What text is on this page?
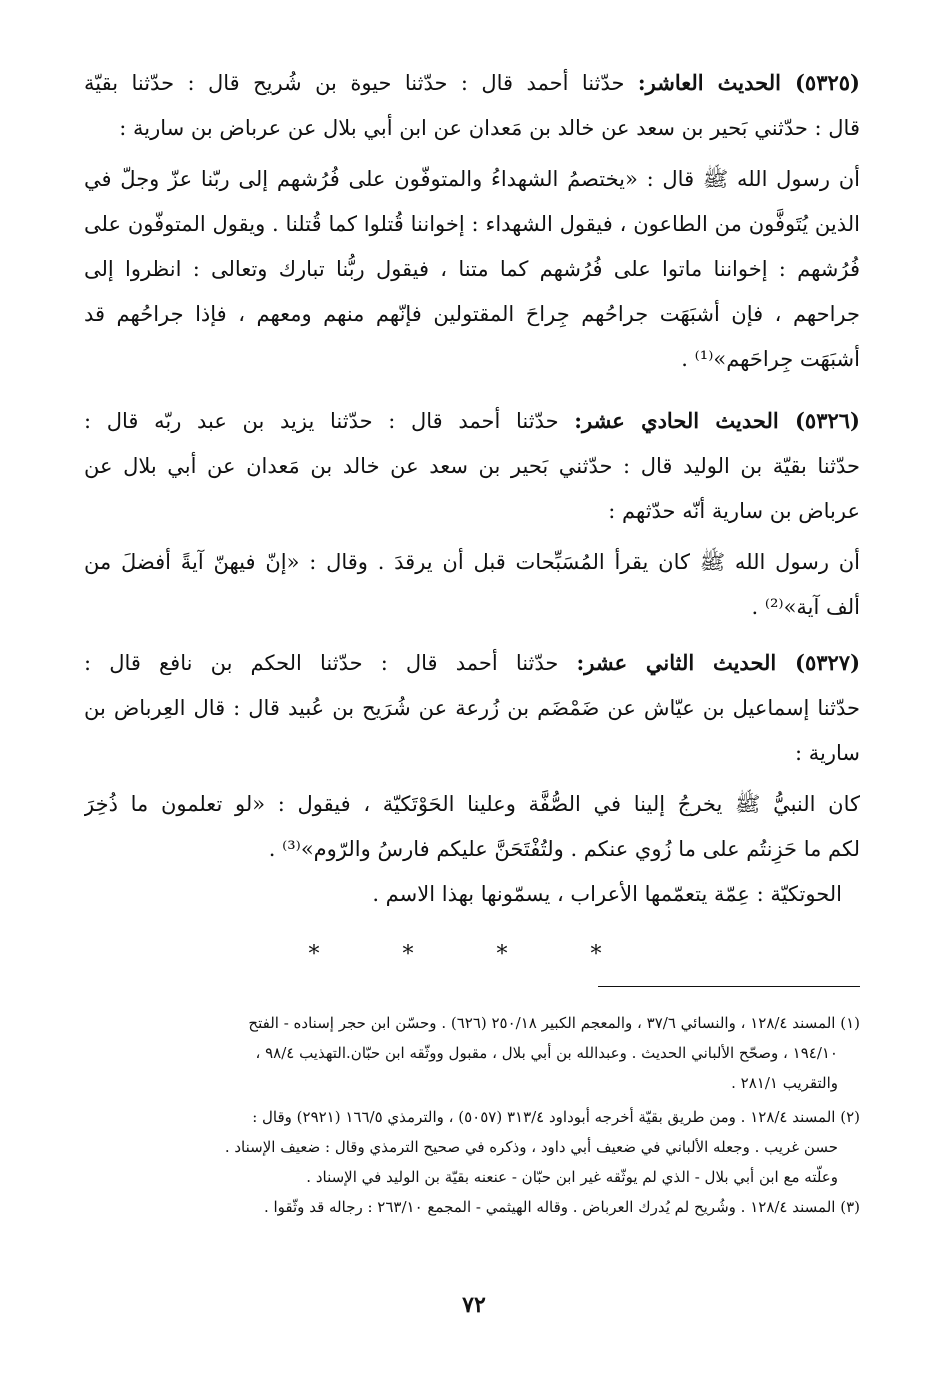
(٥٣٢٥) الحديث العاشر: حدّثنا أحمد قال : حدّثنا حيوة بن شُريح قال : حدّثنا بقيّة
قال : حدّثني بَحير بن سعد عن خالد بن مَعدان عن ابن أبي بلال عن عرباض بن سارية :
أن رسول الله ﷺ قال : «يختصمُ الشهداءُ والمتوفّون على فُرُشهم إلى ربّنا عزّ وجلّ في
الذين يُتَوفَّون من الطاعون ، فيقول الشهداء : إخواننا قُتلوا كما قُتلنا . ويقول المتوفّون على
فُرُشهم : إخواننا ماتوا على فُرُشهم كما متنا ، فيقول ربُّنا تبارك وتعالى : انظروا إلى
جراحهم ، فإن أشبَهَت جراحُهم جِراحَ المقتولين فإنّهم منهم ومعهم ، فإذا جراحُهم قد
أشبَهَت جِراحَهم»⁽¹⁾ .
(٥٣٢٦) الحديث الحادي عشر: حدّثنا أحمد قال : حدّثنا يزيد بن عبد ربّه قال :
حدّثنا بقيّة بن الوليد قال : حدّثني بَحير بن سعد عن خالد بن مَعدان عن أبي بلال عن
عرباض بن سارية أنّه حدّثهم :
أن رسول الله ﷺ كان يقرأ المُسَبِّحات قبل أن يرقدَ . وقال : «إنّ فيهنّ آيةً أفضلَ من
ألف آية»⁽²⁾ .
(٥٣٢٧) الحديث الثاني عشر: حدّثنا أحمد قال : حدّثنا الحكم بن نافع قال :
حدّثنا إسماعيل بن عيّاش عن ضَمْضَم بن زُرعة عن شُرَيح بن عُبيد قال : قال العِرباض بن
سارية :
كان النبيُّ ﷺ يخرجُ إلينا في الصُّفَّة وعلينا الحَوْتَكيّة ، فيقول : «لو تعلمون ما ذُخِرَ
لكم ما حَزِنتُم على ما زُوي عنكم . ولتُفْتَحَنَّ عليكم فارسُ والرّوم»⁽³⁾ .
الحوتكيّة : عِمّة يتعمّمها الأعراب ، يسمّونها بهذا الاسم .
* * * *
(١) المسند ١٢٨/٤ ، والنسائي ٣٧/٦ ، والمعجم الكبير ٢٥٠/١٨ (٦٢٦) . وحسّن ابن حجر إسناده - الفتح
١٩٤/١٠ ، وصحّح الألباني الحديث . وعبدالله بن أبي بلال ، مقبول ووثّقه ابن حبّان.التهذيب ٩٨/٤ ،
والتقريب ٢٨١/١ .
(٢) المسند ١٢٨/٤ . ومن طريق بقيّة أخرجه أبوداود ٣١٣/٤ (٥٠٥٧) ، والترمذي ١٦٦/٥ (٢٩٢١) وقال :
حسن غريب . وجعله الألباني في ضعيف أبي داود ، وذكره في صحيح الترمذي وقال : ضعيف الإسناد .
وعلّته مع ابن أبي بلال - الذي لم يوثّقه غير ابن حبّان - عنعنه بقيّة بن الوليد في الإسناد .
(٣) المسند ١٢٨/٤ . وشُريح لم يُدرك العرباض . وقاله الهيثمي - المجمع ٢٦٣/١٠ : رجاله قد وثّقوا .
٧٢
